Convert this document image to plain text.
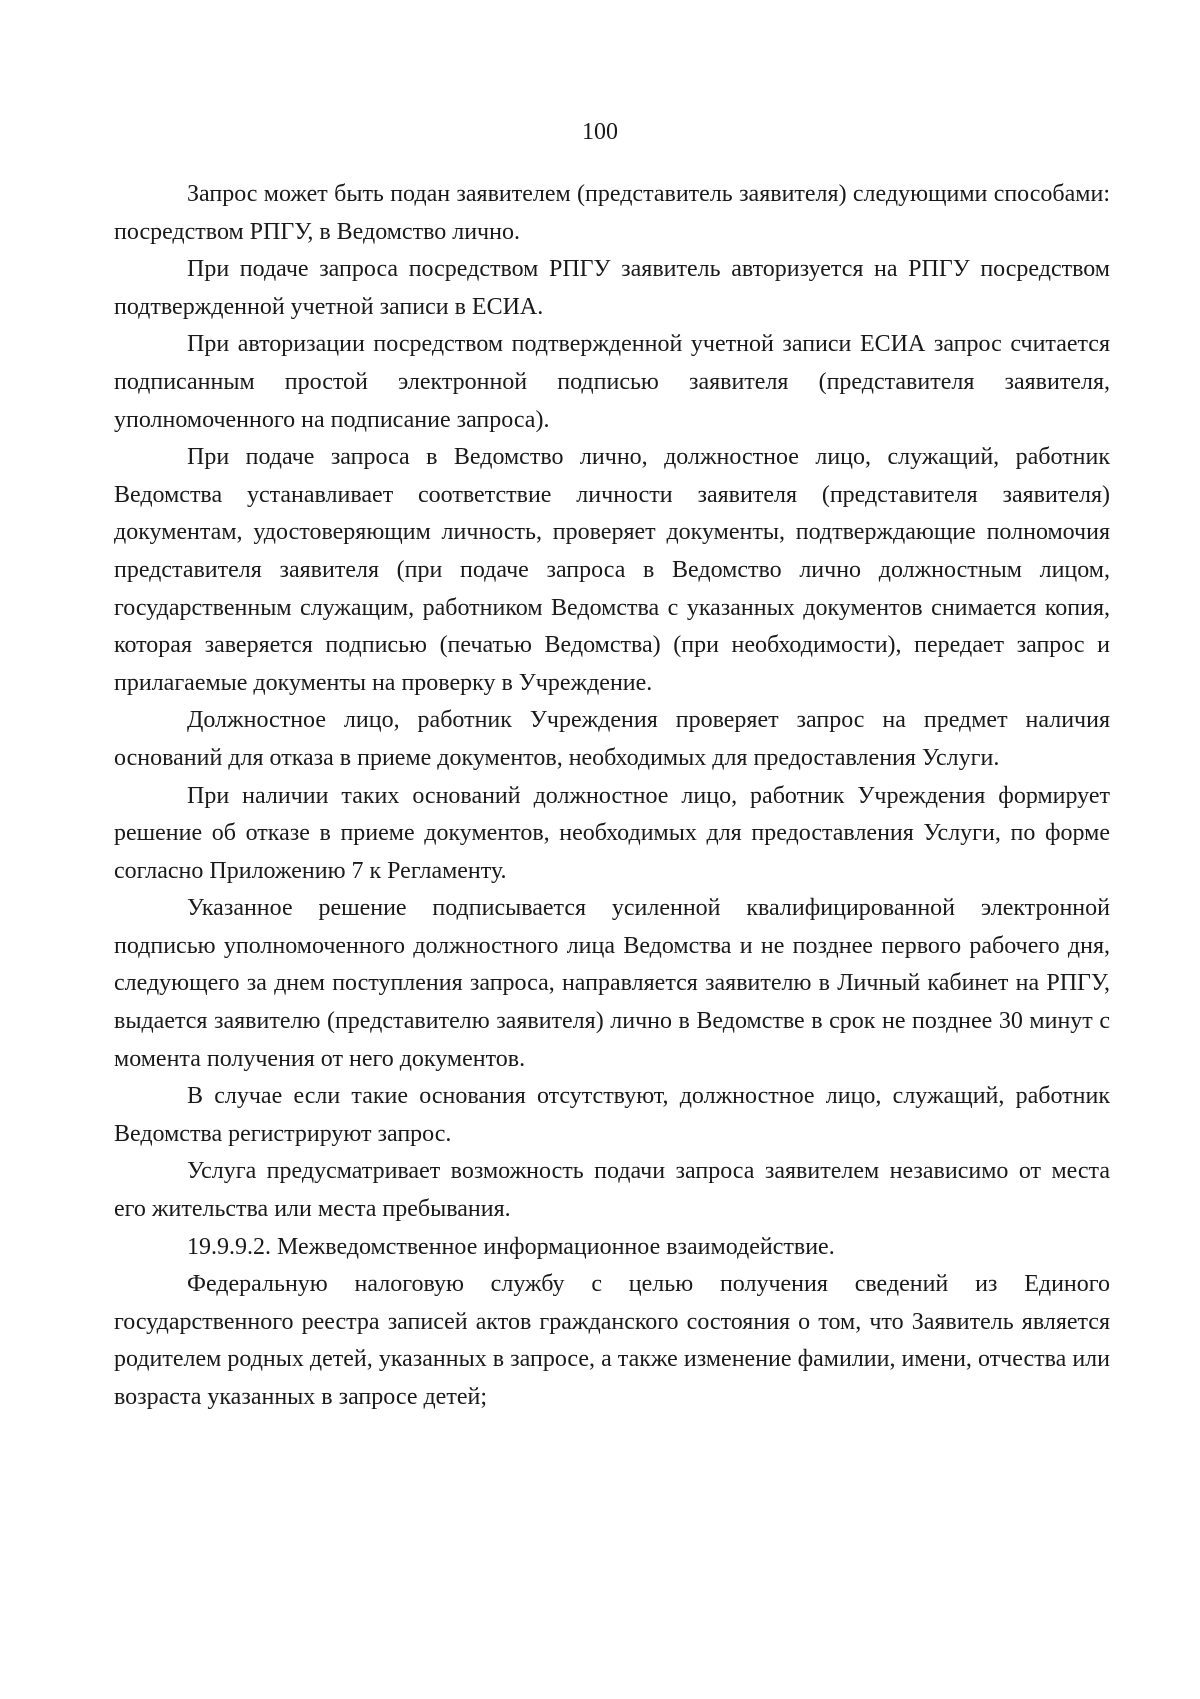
100

Запрос может быть подан заявителем (представитель заявителя) следующими способами: посредством РПГУ, в Ведомство лично.

При подаче запроса посредством РПГУ заявитель авторизуется на РПГУ посредством подтвержденной учетной записи в ЕСИА.

При авторизации посредством подтвержденной учетной записи ЕСИА запрос считается подписанным простой электронной подписью заявителя (представителя заявителя, уполномоченного на подписание запроса).

При подаче запроса в Ведомство лично, должностное лицо, служащий, работник Ведомства устанавливает соответствие личности заявителя (представителя заявителя) документам, удостоверяющим личность, проверяет документы, подтверждающие полномочия представителя заявителя (при подаче запроса в Ведомство лично должностным лицом, государственным служащим, работником Ведомства с указанных документов снимается копия, которая заверяется подписью (печатью Ведомства) (при необходимости), передает запрос и прилагаемые документы на проверку в Учреждение.

Должностное лицо, работник Учреждения проверяет запрос на предмет наличия оснований для отказа в приеме документов, необходимых для предоставления Услуги.

При наличии таких оснований должностное лицо, работник Учреждения формирует решение об отказе в приеме документов, необходимых для предоставления Услуги, по форме согласно Приложению 7 к Регламенту.

Указанное решение подписывается усиленной квалифицированной электронной подписью уполномоченного должностного лица Ведомства и не позднее первого рабочего дня, следующего за днем поступления запроса, направляется заявителю в Личный кабинет на РПГУ, выдается заявителю (представителю заявителя) лично в Ведомстве в срок не позднее 30 минут с момента получения от него документов.

В случае если такие основания отсутствуют, должностное лицо, служащий, работник Ведомства регистрируют запрос.

Услуга предусматривает возможность подачи запроса заявителем независимо от места его жительства или места пребывания.

19.9.9.2. Межведомственное информационное взаимодействие.

Федеральную налоговую службу с целью получения сведений из Единого государственного реестра записей актов гражданского состояния о том, что Заявитель является родителем родных детей, указанных в запросе, а также изменение фамилии, имени, отчества или возраста указанных в запросе детей;
